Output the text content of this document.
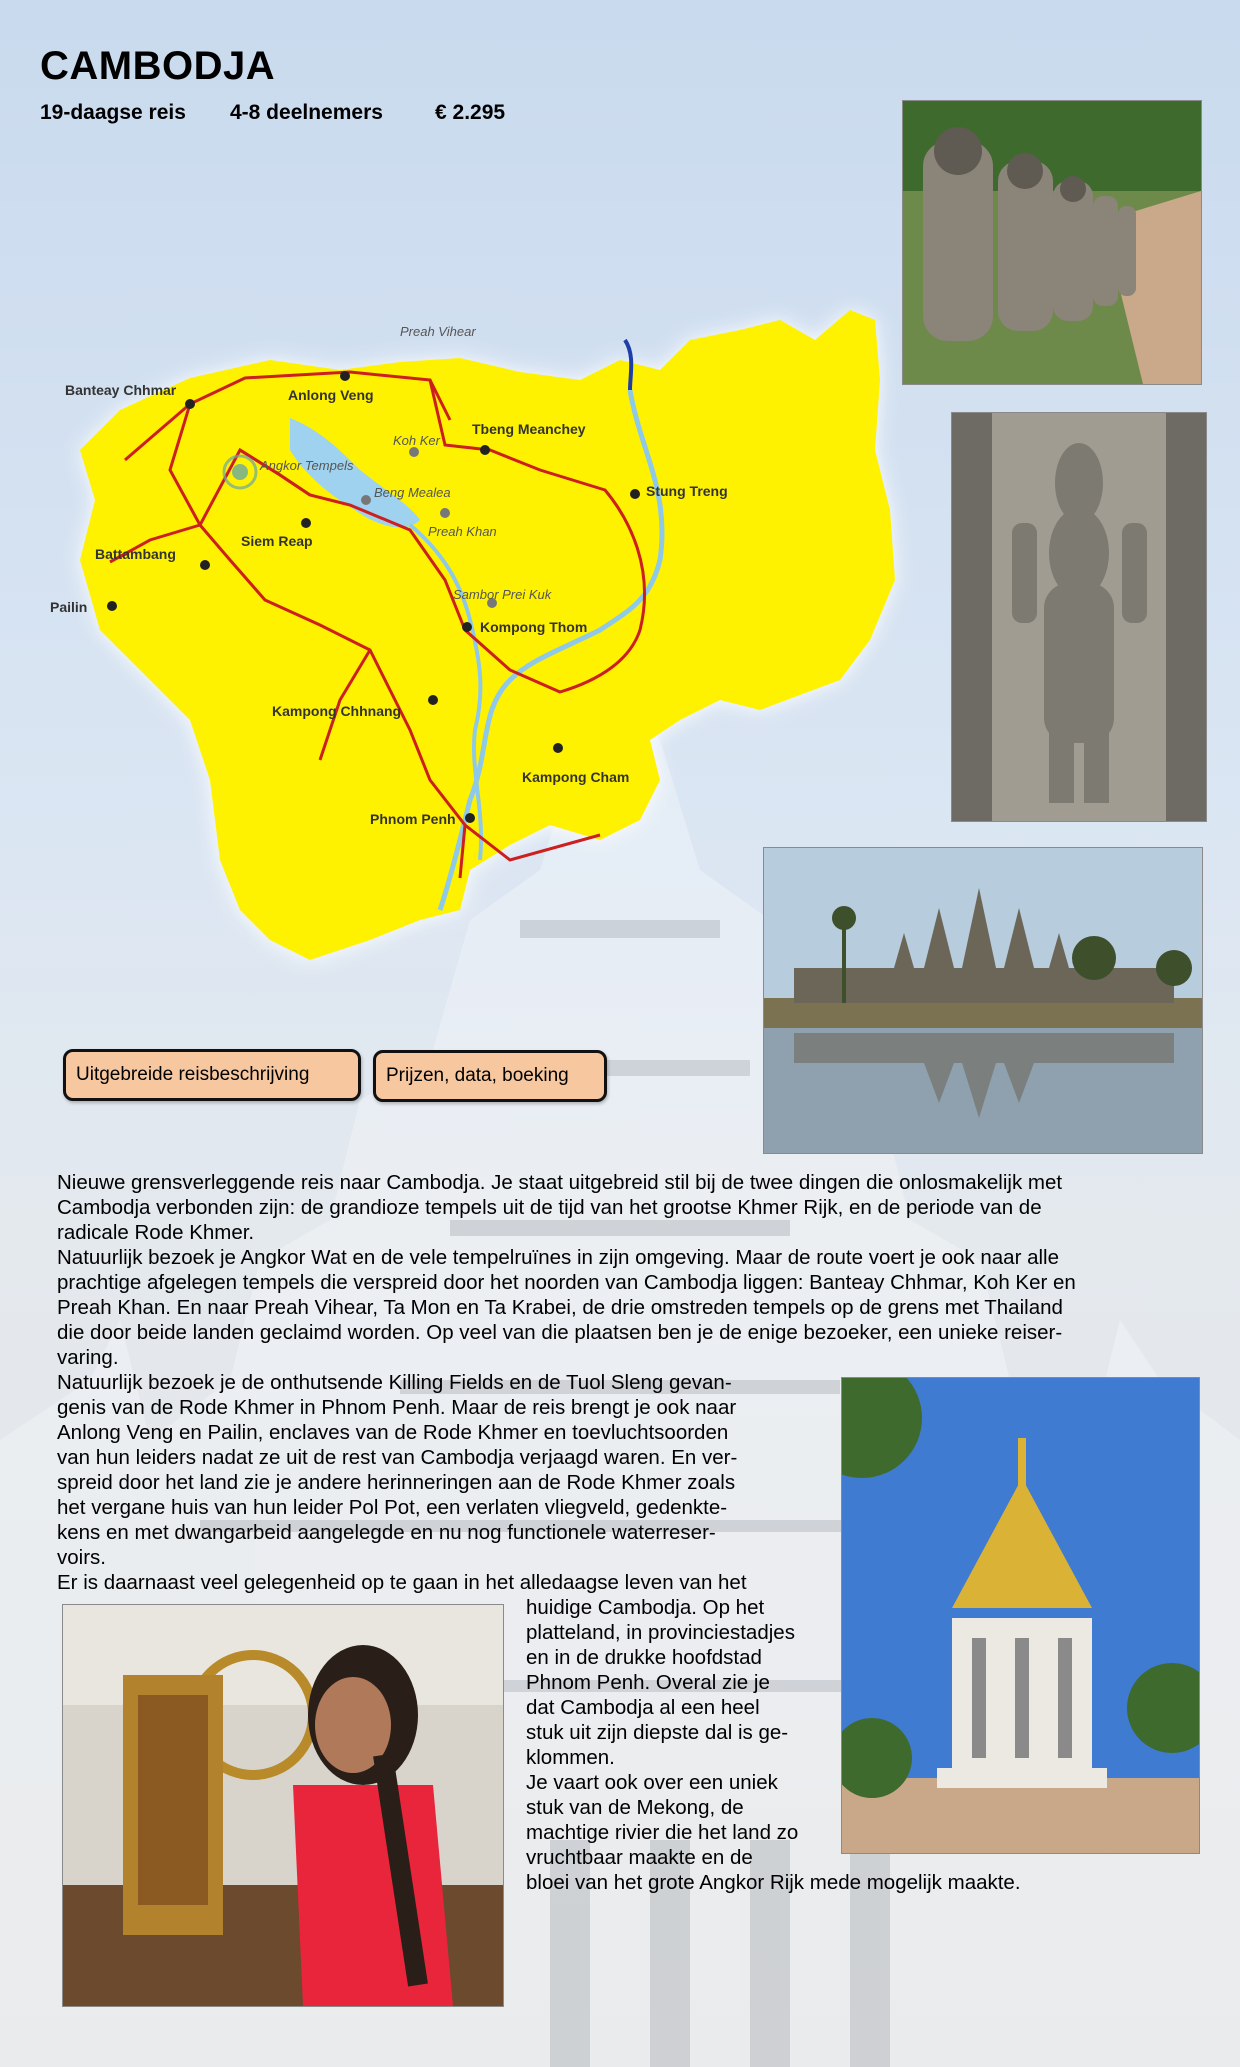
CAMBODJA
19-daagse reis	4-8 deelnemers	€ 2.295
Banteay Chhmar	Anlong Veng
Preah Vihear
Tbeng Meanchey
Koh Ker
Angkor Tempels
Beng Mealea
Preah Khan
Siem Reap
Stung Treng
Battambang
Pailin
Sambor Prei Kuk
Kompong Thom
Kampong Chhnang
Kampong Cham
Phnom Penh
Uitgebreide reisbeschrijving	Prijzen, data, boeking

Nieuwe grensverleggende reis naar Cambodja. Je staat uitgebreid stil bij de twee dingen die onlosmakelijk met
Cambodja verbonden zijn: de grandioze tempels uit de tijd van het grootse Khmer Rijk, en de periode van de
radicale Rode Khmer.

Natuurlijk bezoek je Angkor Wat en de vele tempelruïnes in zijn omgeving. Maar de route voert je ook naar alle
prachtige afgelegen tempels die verspreid door het noorden van Cambodja liggen: Banteay Chhmar, Koh Ker en
Preah Khan. En naar Preah Vihear, Ta Mon en Ta Krabei, de drie omstreden tempels op de grens met Thailand
die door beide landen geclaimd worden. Op veel van die plaatsen ben je de enige bezoeker, een unieke reiser-
varing.

Natuurlijk bezoek je de onthutsende Killing Fields en de Tuol Sleng gevan-
genis van de Rode Khmer in Phnom Penh. Maar de reis brengt je ook naar
Anlong Veng en Pailin, enclaves van de Rode Khmer en toevluchtsoorden
van hun leiders nadat ze uit de rest van Cambodja verjaagd waren. En ver-
spreid door het land zie je andere herinneringen aan de Rode Khmer zoals
het vergane huis van hun leider Pol Pot, een verlaten vliegveld, gedenkte-
kens en met dwangarbeid aangelegde en nu nog functionele waterreser-
voirs.
Er is daarnaast veel gelegenheid op te gaan in het alledaagse leven van het

huidige Cambodja. Op het
platteland, in provinciestadjes
en in de drukke hoofdstad
Phnom Penh. Overal zie je
dat Cambodja al een heel
stuk uit zijn diepste dal is ge-
klommen.
Je vaart ook over een uniek
stuk van de Mekong, de
machtige rivier die het land zo
vruchtbaar maakte en de
bloei van het grote Angkor Rijk mede mogelijk maakte.
